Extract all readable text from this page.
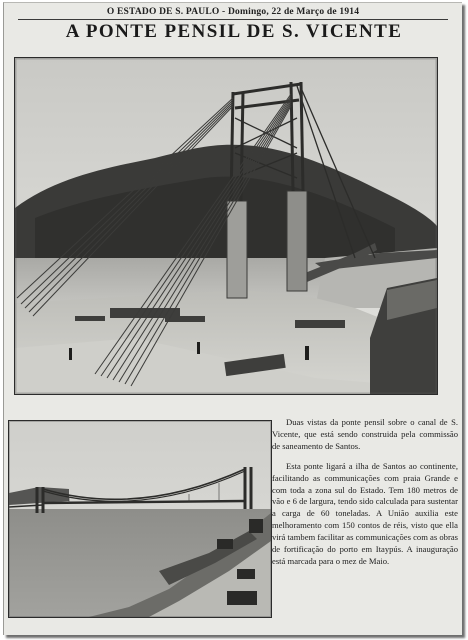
O ESTADO DE S. PAULO - Domingo, 22 de Março de 1914
A PONTE PENSIL DE S. VICENTE

Duas vistas da ponte pensil sobre o canal de S. Vicente, que está sendo construida pela commissão de saneamento de Santos.

Esta ponte ligará a ilha de Santos ao continente, facilitando as communicações com praia Grande e com toda a zona sul do Estado. Tem 180 metros de vão e 6 de largura, tendo sido calculada para sustentar a carga de 60 toneladas. A União auxilia este melhoramento com 150 contos de réis, visto que ella virá tambem facilitar as communicações com as obras de fortificação do porto em Itaypús. A inauguração está marcada para o mez de Maio.
